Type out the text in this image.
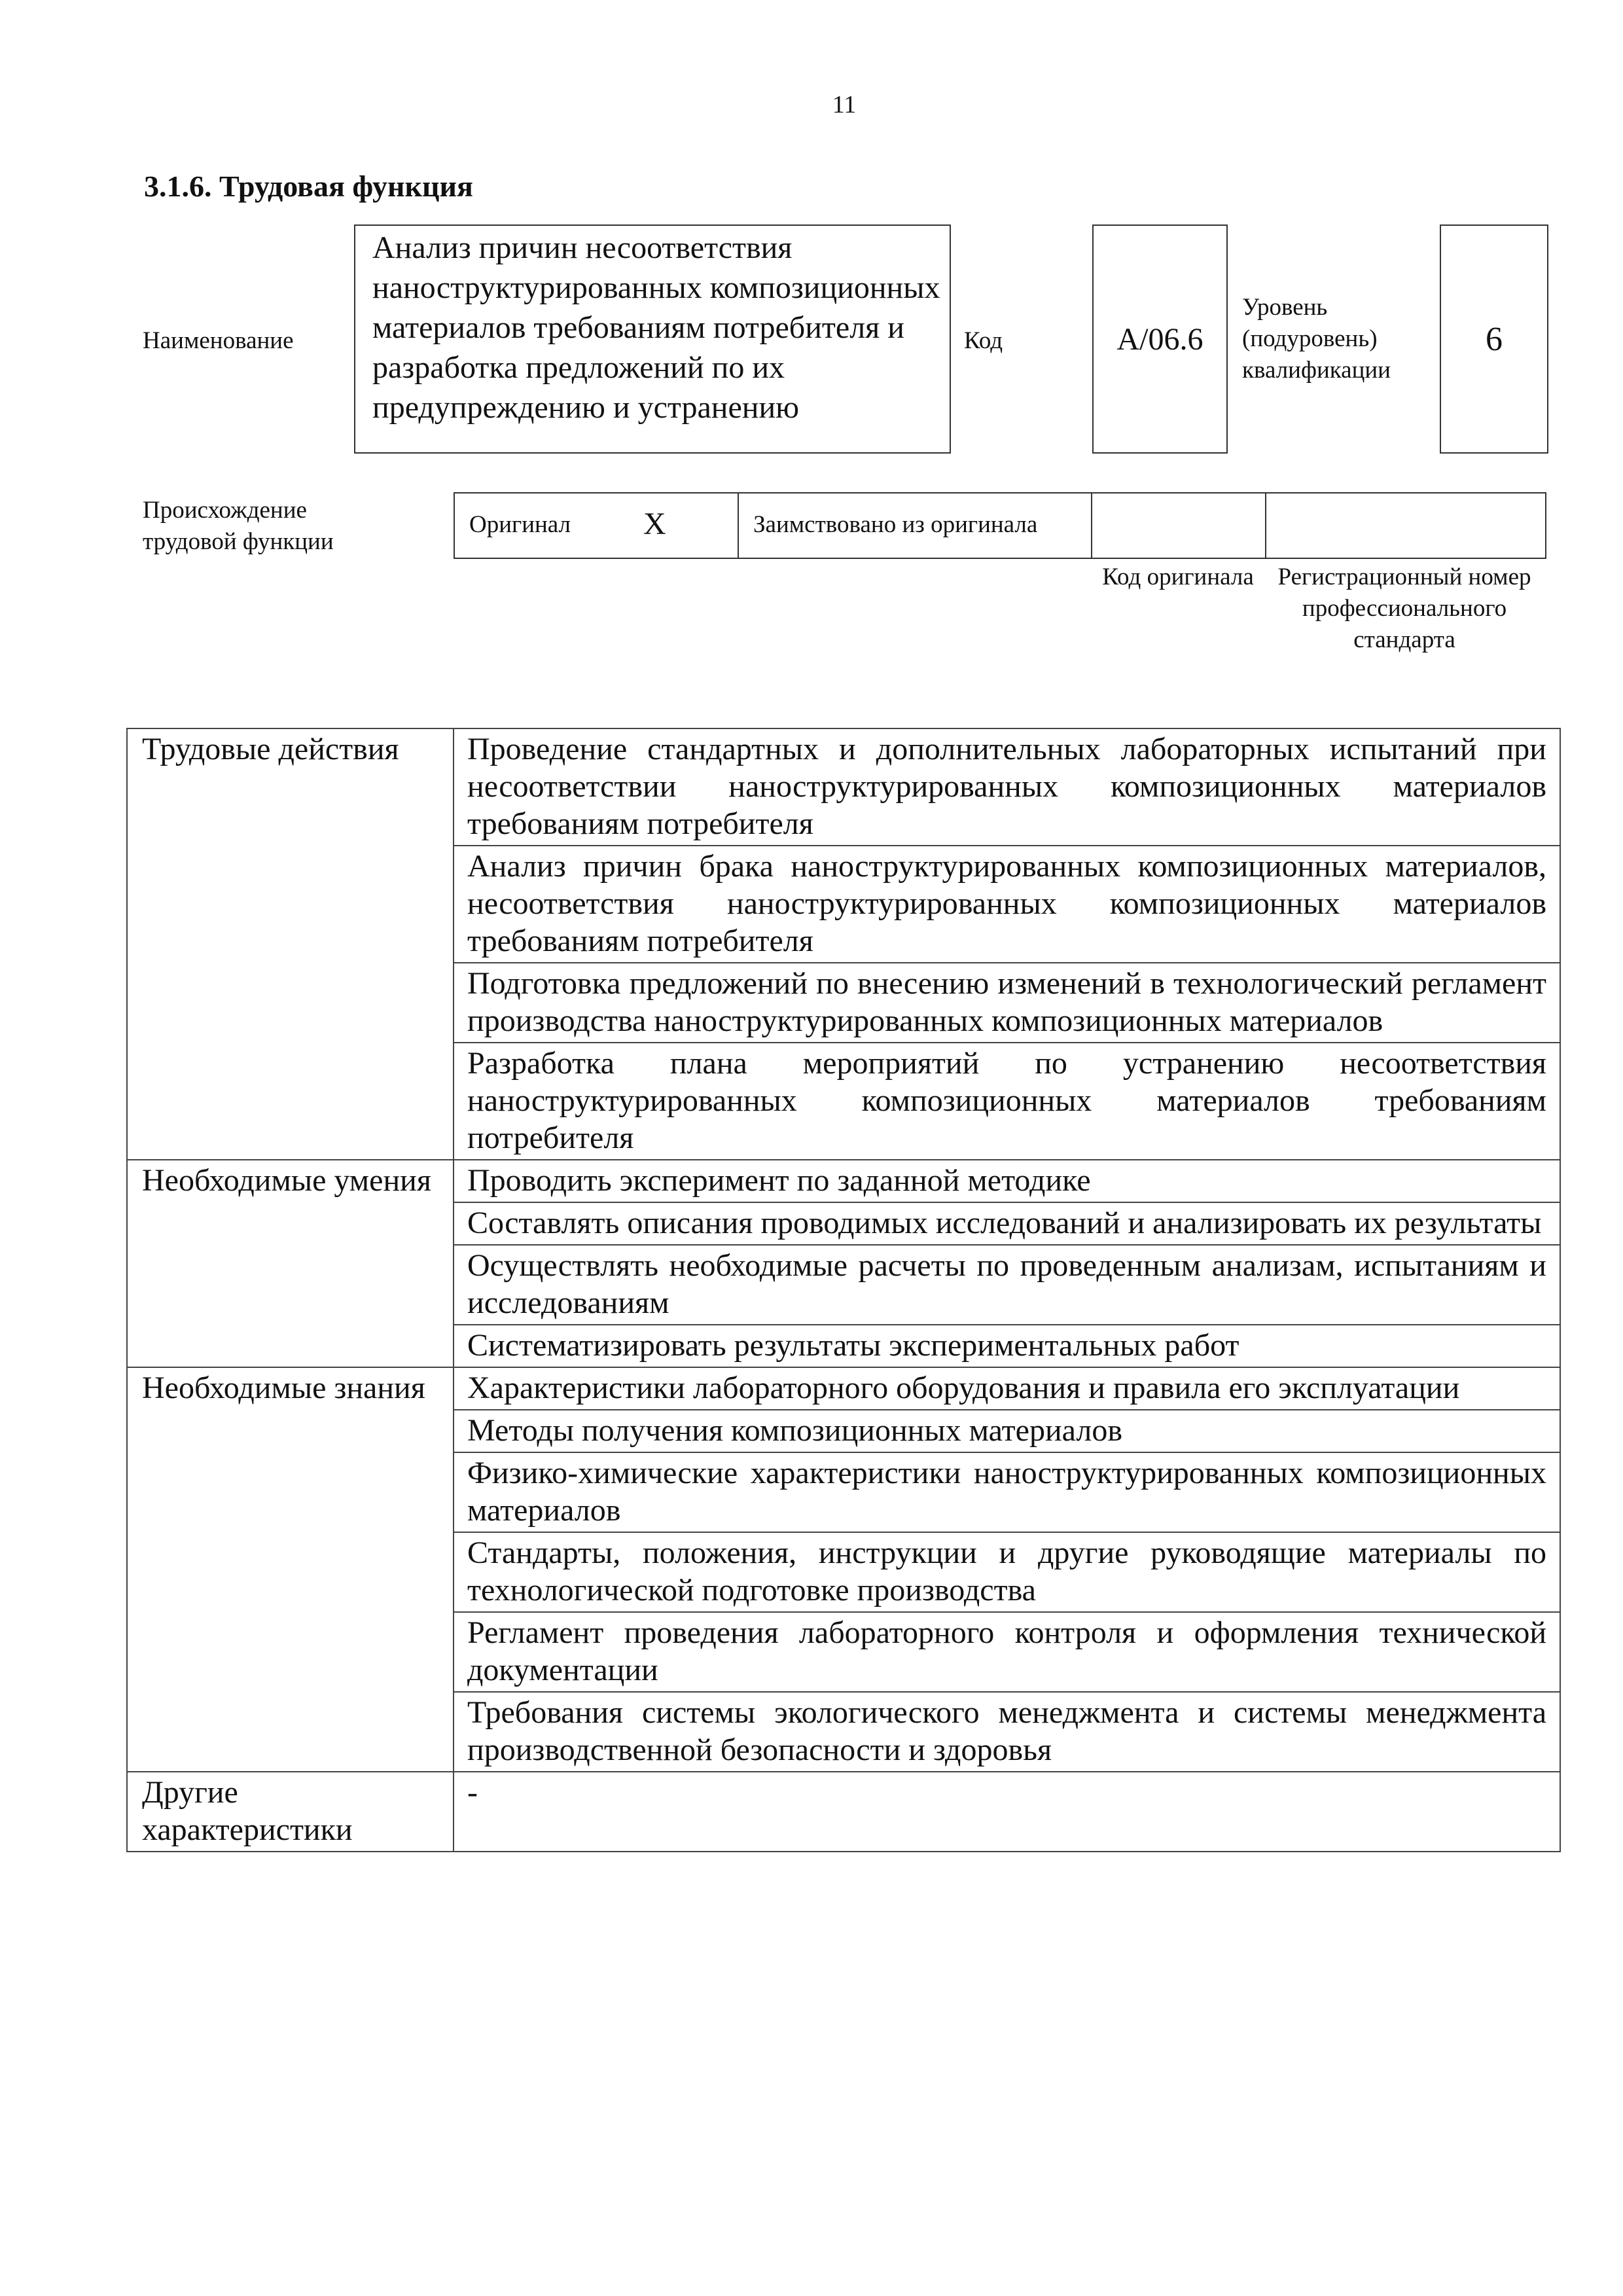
11
3.1.6. Трудовая функция
Наименование
Анализ причин несоответствия наноструктурированных композиционных материалов требованиям потребителя и разработка предложений по их предупреждению и устранению
Код	A/06.6
Уровень (подуровень) квалификации
6
Происхождение трудовой функции
Оригинал X	Заимствовано из оригинала
Код оригинала Регистрационный номер профессионального стандарта
Трудовые действия	Проведение стандартных и дополнительных лабораторных испытаний при несоответствии наноструктурированных композиционных материалов требованиям потребителя
	Анализ причин брака наноструктурированных композиционных материалов, несоответствия наноструктурированных композиционных материалов требованиям потребителя
	Подготовка предложений по внесению изменений в технологический регламент производства наноструктурированных композиционных материалов
	Разработка плана мероприятий по устранению несоответствия наноструктурированных композиционных материалов требованиям потребителя
Необходимые умения	Проводить эксперимент по заданной методике
	Составлять описания проводимых исследований и анализировать их результаты
	Осуществлять необходимые расчеты по проведенным анализам, испытаниям и исследованиям
	Систематизировать результаты экспериментальных работ
Необходимые знания	Характеристики лабораторного оборудования и правила его эксплуатации
	Методы получения композиционных материалов
	Физико-химические характеристики наноструктурированных композиционных материалов
	Стандарты, положения, инструкции и другие руководящие материалы по технологической подготовке производства
	Регламент проведения лабораторного контроля и оформления технической документации
	Требования системы экологического менеджмента и системы менеджмента производственной безопасности и здоровья
Другие характеристики	-
